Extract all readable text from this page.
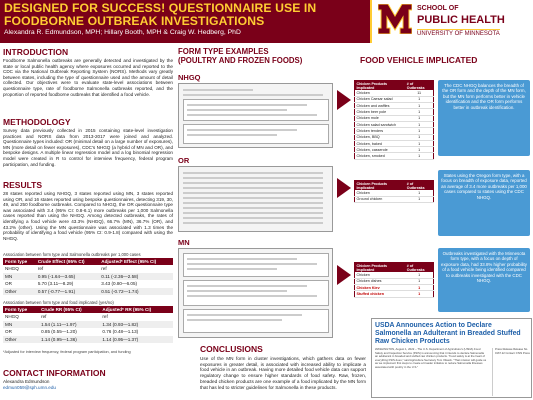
DESIGNED FOR SUCCESS! QUESTIONNAIRE USE IN
FOODBORNE OUTBREAK INVESTIGATIONS
Alexandra R. Edmundson, MPH; Hillary Booth, MPH & Craig W. Hedberg, PhD
SCHOOL OF
PUBLIC HEALTH
UNIVERSITY OF MINNESOTA
INTRODUCTION
Foodborne Salmonella outbreaks are generally detected and investigated by the state or local public health agency where exposures occurred and reported to the CDC via the National Outbreak Reporting System (NORS). Methods vary greatly between states, including the type of questionnaire used and the amount of detail collected. Our objectives were to evaluate state-level associations between questionnaire type, rate of foodborne Salmonella outbreaks reported, and the proportion of reported foodborne outbreaks that identified a food vehicle.
METHODOLOGY
Survey data previously collected in 2015 containing state-level investigation practices and NORS data from 2013-2017 were joined and analyzed. Questionnaire types included: OR (minimal detail on a large number of exposures), MN (more detail on fewer exposures), CDC's NHGQ (a hybrid of MN and OR), and bespoke designs. A multiple linear regression model and a log binomial regression model were created in R to control for interview frequency, federal program participation, and funding.
RESULTS
28 states reported using NHGQ, 3 states reported using MN, 3 states reported using OR, and 16 states reported using bespoke questionnaires, detecting 319, 30, 49, and 250 foodborne outbreaks. Compared to NHGQ, the OR questionnaire type was associated with 3.4 (95% CI: 0.8-6.1) more outbreaks per 1,000 Salmonella cases reported than using the NHGQ. Among detected outbreaks, the rates of identifying a food vehicle were 43.3% (NHGQ), 66.7% (MN), 36.7% (OR), and 43.2% (other). Using the MN questionnaire was associated with 1.3 times the probability of identifying a food vehicle (95% CI: 0.9-1.8) compared with using the NHGQ.
Association between form type and Salmonella outbreaks per 1,000 cases
Form type	Crude Effect (95% CI)	Adjusted* Effect (95% CI)
NHGQ	ref	ref
MN	0.95 (-1.64—3.65)	0.11 (-2.36—2.58)
OR	5.70 (3.11—8.29)	3.43 (0.80—6.05)
Other	0.57 (-0.77—1.91)	0.51 (-0.72—1.74)
Association between form type and food implicated (yes/no)
Form type	Crude RR (95% CI)	Adjusted* RR (95% CI)
NHGQ	ref	ref
MN	1.54 (1.11—1.97)	1.34 (0.93—1.82)
OR	0.85 (0.55—1.20)	0.76 (0.48—1.13)
Other	1.14 (0.95—1.36)	1.14 (0.95—1.37)
*Adjusted for interview frequency, federal program participation, and funding
CONTACT INFORMATION
Alexandra Edmundson
edmun059@sph.umn.edu
FORM TYPE EXAMPLES
(POULTRY AND FROZEN FOODS)
NHGQ
OR
MN
CONCLUSIONS
Use of the MN form in cluster investigations, which gathers data on fewer exposures in greater detail, is associated with increased ability to implicate a food vehicle in an outbreak. Having more detailed food vehicle data can support regulatory change to ensure higher standards of food safety. Raw, frozen, breaded chicken products are one example of a food implicated by the MN form that has led to stricter guidelines for Salmonella in these products.
FOOD VEHICLE IMPLICATED
Chicken Products Implicated	# of Outbreaks
Chicken	11
Chicken Caesar salad	1
Chicken and waffles	1
Chicken beer pole	1
Chicken mole	1
Chicken salad sandwich	1
Chicken tenders	1
Chicken, BBQ	1
Chicken, baked	1
Chicken, casserole	1
Chicken, smoked	1
The CDC NHGQ balances the breadth of the OR form and the depth of the MN form, but the MN form performs better in vehicle identification and the OR form performs better in outbreak identification.
Chicken Products Implicated	# of Outbreaks
Chicken	1
Ground chicken	1
States using the Oregon form type, with a focus on breadth of exposure data, reported an average of 3.4 more outbreaks per 1,000 cases compared to states using the CDC NHGQ.
Chicken Products Implicated	# of Outbreaks
Chicken	1
Chicken dishes	1
Chicken Kiev	1
Stuffed chicken	1
Outbreaks investigated with the Minnesota form type, with a focus on depth of exposure data, had 33.8% higher probability of a food vehicle being identified compared to outbreaks investigated with the CDC NHGQ.
USDA Announces Action to Declare Salmonella an Adulterant in Breaded Stuffed Raw Chicken Products
WASHINGTON, August 1, 2022 – The U.S. Department of Agriculture's (USDA) Food Safety and Inspection Service (FSIS) is announcing that it intends to declare Salmonella an adulterant in breaded and stuffed raw chicken products. "Food safety is at the heart of everything FSIS does," said Agriculture Secretary Tom Vilsack. "That mission will guide us as we implement first steps to create a broader initiative to reduce Salmonella illnesses associated with poultry in the U.S."
Press Release Release No. 0167.22 Contact: FSIS Press
